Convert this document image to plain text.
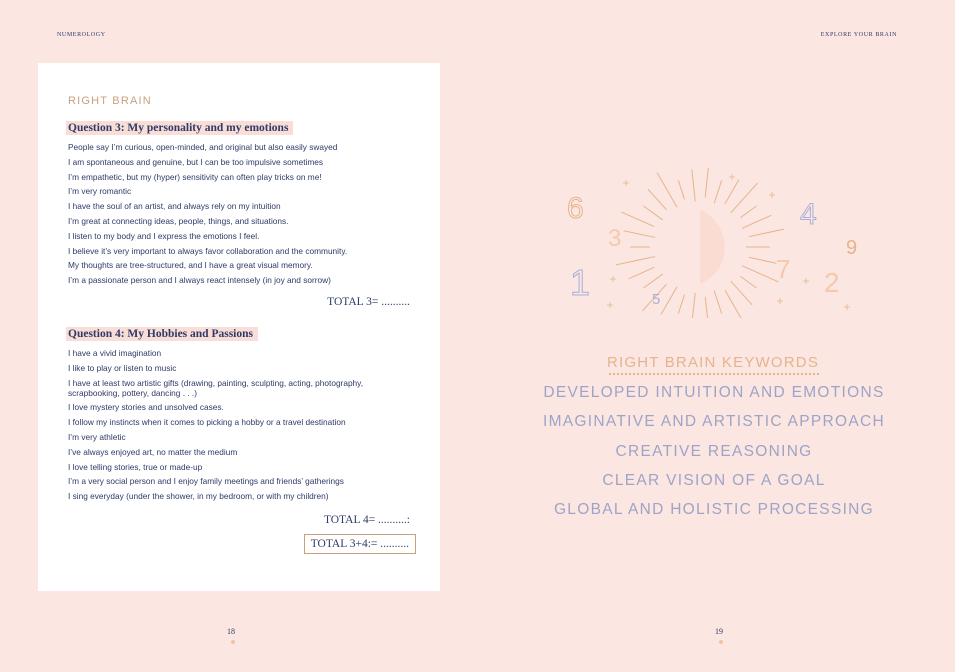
NUMEROLOGY	EXPLORE YOUR BRAIN
RIGHT BRAIN
Question 3: My personality and my emotions
People say I’m curious, open-minded, and original but also easily swayed
I am spontaneous and genuine, but I can be too impulsive sometimes
I’m empathetic, but my (hyper) sensitivity can often play tricks on me!
I’m very romantic
I have the soul of an artist, and always rely on my intuition
I’m great at connecting ideas, people, things, and situations.
I listen to my body and I express the emotions I feel.
I believe it’s very important to always favor collaboration and the community.
My thoughts are tree-structured, and I have a great visual memory.
I’m a passionate person and I always react intensely (in joy and sorrow)
TOTAL 3= ..........
Question 4: My Hobbies and Passions
I have a vivid imagination
I like to play or listen to music
I have at least two artistic gifts (drawing, painting, sculpting, acting, photography, scrapbooking, pottery, dancing . . .)
I love mystery stories and unsolved cases.
I follow my instincts when it comes to picking a hobby or a travel destination
I’m very athletic
I’ve always enjoyed art, no matter the medium
I love telling stories, true or made-up
I’m a very social person and I enjoy family meetings and friends’ gatherings
I sing everyday (under the shower, in my bedroom, or with my children)
TOTAL 4= ..........:
TOTAL 3+4:= ..........
18
6
3
1	5
4
9
7 2
RIGHT BRAIN KEYWORDS
DEVELOPED INTUITION AND EMOTIONS
IMAGINATIVE AND ARTISTIC APPROACH
CREATIVE REASONING
CLEAR VISION OF A GOAL
GLOBAL AND HOLISTIC PROCESSING
19
